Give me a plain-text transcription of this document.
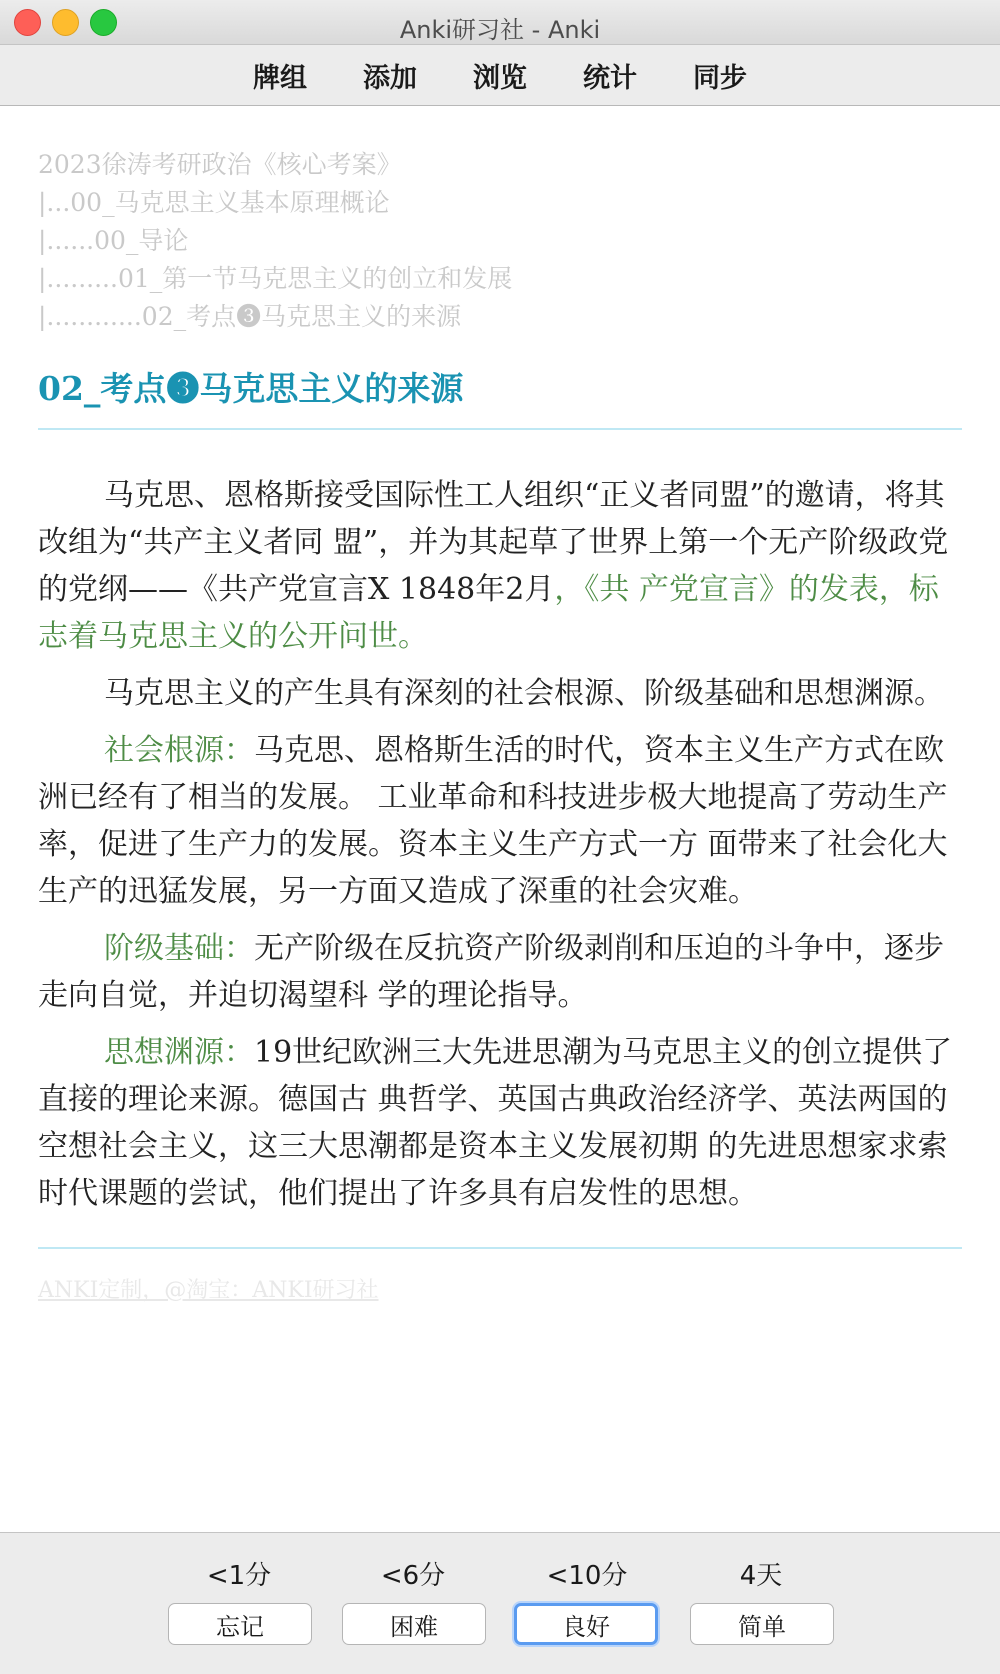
Anki研习社 - Anki
牌组 添加 浏览 统计 同步
2023徐涛考研政治《核心考案》
|...00_马克思主义基本原理概论
|......00_导论
|.........01_第一节马克思主义的创立和发展
|............02_考点❸马克思主义的来源
02_考点❸马克思主义的来源

马克思、恩格斯接受国际性工人组织“正义者同盟”的邀请，将其改组为“共产主义者同 盟”，并为其起草了世界上第一个无产阶级政党的党纲——《共产党宣言X 1848年2月，《共 产党宣言》的发表，标志着马克思主义的公开问世。

马克思主义的产生具有深刻的社会根源、阶级基础和思想渊源。

社会根源：马克思、恩格斯生活的时代，资本主义生产方式在欧洲已经有了相当的发展。 工业革命和科技进步极大地提高了劳动生产率，促进了生产力的发展。资本主义生产方式一方 面带来了社会化大生产的迅猛发展，另一方面又造成了深重的社会灾难。

阶级基础：无产阶级在反抗资产阶级剥削和压迫的斗争中，逐步走向自觉，并迫切渴望科 学的理论指导。

思想渊源：19世纪欧洲三大先进思潮为马克思主义的创立提供了直接的理论来源。德国古 典哲学、英国古典政治经济学、英法两国的空想社会主义，这三大思潮都是资本主义发展初期 的先进思想家求索时代课题的尝试，他们提出了许多具有启发性的思想。

ANKI定制，@淘宝：ANKI研习社
<1分	<6分	<10分	4天
忘记	困难	良好	简单
